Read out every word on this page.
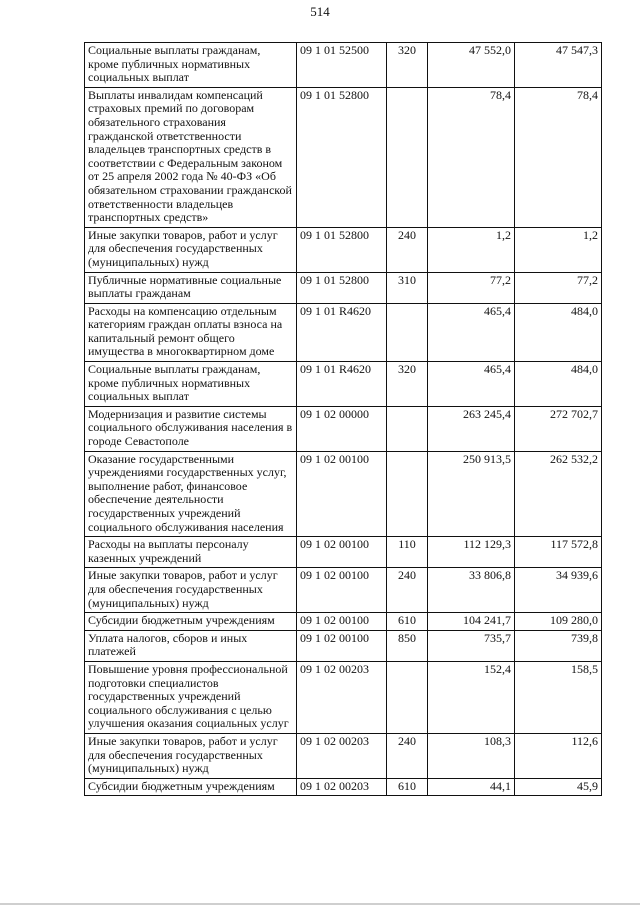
514
Социальные выплаты гражданам, кроме публичных нормативных социальных выплат	09 1 01 52500	320	47 552,0	47 547,3
Выплаты инвалидам компенсаций страховых премий по договорам обязательного страхования гражданской ответственности владельцев транспортных средств в соответствии с Федеральным законом от 25 апреля 2002 года № 40-ФЗ «Об обязательном страховании гражданской ответственности владельцев транспортных средств»	09 1 01 52800		78,4	78,4
Иные закупки товаров, работ и услуг для обеспечения государственных (муниципальных) нужд	09 1 01 52800	240	1,2	1,2
Публичные нормативные социальные выплаты гражданам	09 1 01 52800	310	77,2	77,2
Расходы на компенсацию отдельным категориям граждан оплаты взноса на капитальный ремонт общего имущества в многоквартирном доме	09 1 01 R4620		465,4	484,0
Социальные выплаты гражданам, кроме публичных нормативных социальных выплат	09 1 01 R4620	320	465,4	484,0
Модернизация и развитие системы социального обслуживания населения в городе Севастополе	09 1 02 00000		263 245,4	272 702,7
Оказание государственными учреждениями государственных услуг, выполнение работ, финансовое обеспечение деятельности государственных учреждений социального обслуживания населения	09 1 02 00100		250 913,5	262 532,2
Расходы на выплаты персоналу казенных учреждений	09 1 02 00100	110	112 129,3	117 572,8
Иные закупки товаров, работ и услуг для обеспечения государственных (муниципальных) нужд	09 1 02 00100	240	33 806,8	34 939,6
Субсидии бюджетным учреждениям	09 1 02 00100	610	104 241,7	109 280,0
Уплата налогов, сборов и иных платежей	09 1 02 00100	850	735,7	739,8
Повышение уровня профессиональной подготовки специалистов государственных учреждений социального обслуживания с целью улучшения оказания социальных услуг	09 1 02 00203		152,4	158,5
Иные закупки товаров, работ и услуг для обеспечения государственных (муниципальных) нужд	09 1 02 00203	240	108,3	112,6
Субсидии бюджетным учреждениям	09 1 02 00203	610	44,1	45,9
